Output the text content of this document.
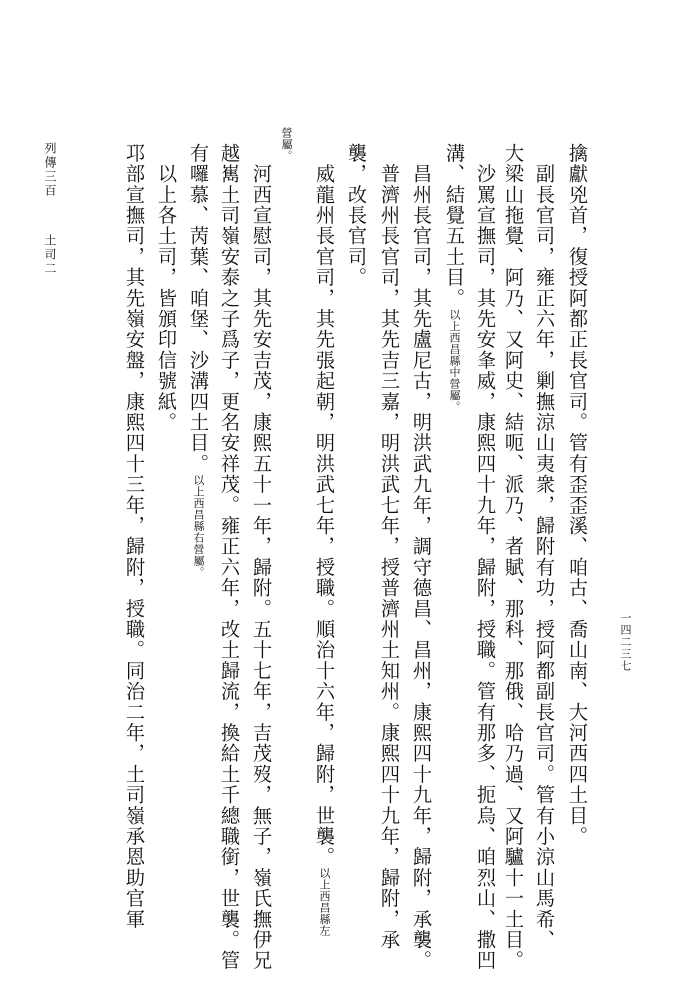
擒獻兇首，復授阿都正長官司。管有歪歪溪、咱古、喬山南、大河西四土目。
　副長官司，雍正六年，剿撫涼山夷衆，歸附有功，授阿都副長官司。管有小涼山馬希、
大梁山拖覺、阿乃、又阿史、結呃、派乃、者賦、那科、那俄、哈乃過、又阿驢十一土目。
　沙罵宣撫司，其先安夆威，康熙四十九年，歸附，授職。管有那多、扼烏、咱烈山、撒凹
溝、結覺五土目。以上西昌縣中營屬。
　昌州長官司，其先盧尼古，明洪武九年，調守德昌、昌州，康熙四十九年，歸附，承襲。
　普濟州長官司，其先吉三嘉，明洪武七年，授普濟州土知州。康熙四十九年，歸附，承
襲，改長官司。
　威龍州長官司，其先張起朝，明洪武七年，授職。順治十六年，歸附，世襲。以上西昌縣左
營屬。
　河西宣慰司，其先安吉茂，康熙五十一年，歸附。五十七年，吉茂歿，無子，嶺氏撫伊兄
越嶲土司嶺安泰之子爲子，更名安祥茂。雍正六年，改土歸流，換給土千總職銜，世襲。管
有囉慕、苪葉、咱堡、沙溝四土目。以上西昌縣右營屬。
　以上各土司，皆頒印信號紙。
邛部宣撫司，其先嶺安盤，康熙四十三年，歸附，授職。同治二年，土司嶺承恩助官軍
列傳三百土司二
一四二三七
